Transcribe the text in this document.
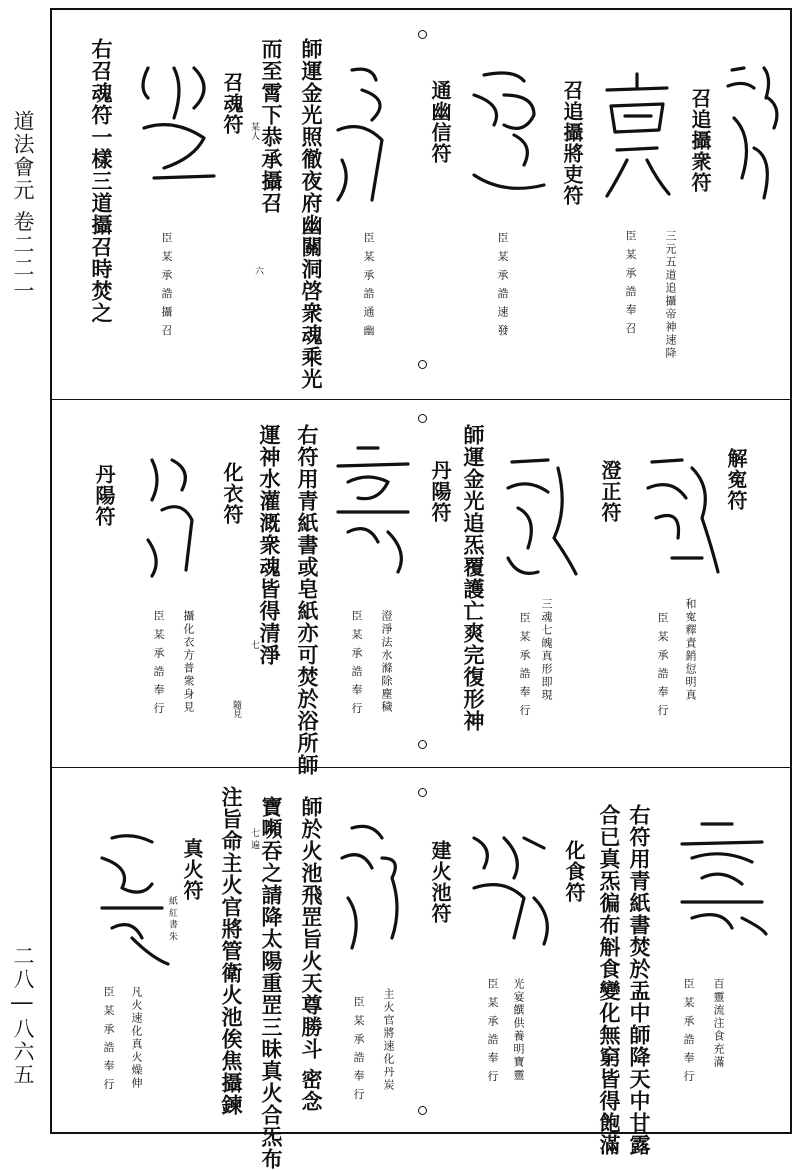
道法會元 卷二二一
二八 | 八六五
召追攝衆符
三元五道追攝帝神速降
臣 某 承 誥 奉 召
召追攝將吏符
臣 某 承 誥 速 發
通幽信符
臣 某 承 誥 通 幽
師運金光照徹夜府幽關洞啓衆魂乘光
而至霄下恭承攝召
某人
召魂符
六
臣 某 承 誥 攝 召
右召魂符一樣三道攝召時焚之
解寃符
和寃釋責銷愆明真
臣 某 承 誥 奉 行
澄正符
三魂七魄真形即現
臣 某 承 誥 奉 行
師運金光追炁覆護亡爽完復形神
丹陽符
澄淨法水滌除塵穢
臣 某 承 誥 奉 行
右符用青紙書或皂紙亦可焚於浴所師
運神水灌溉衆魂皆得清淨
七
化衣符
隨見
攝化衣方普衆身見
臣 某 承 誥 奉 行
丹陽符
百靈流注食充滿
臣 某 承 誥 奉 行
右符用青紙書焚於盂中師降天中甘露
合已真炁徧布斛食變化無窮皆得飽滿
化食符
光宴饌供養明寶靈
臣 某 承 誥 奉 行
建火池符
主火官將速化丹炭
臣 某 承 誥 奉 行
師於火池飛罡旨火天尊勝斗 密念
寶嚬吞之請降太陽重罡三昧真火合炁布
七 遍
注旨命主火官將管衛火池俟焦攝鍊
真火符
紙 紅 書 朱
凡火速化真火燥伸
臣 某 承 誥 奉 行
